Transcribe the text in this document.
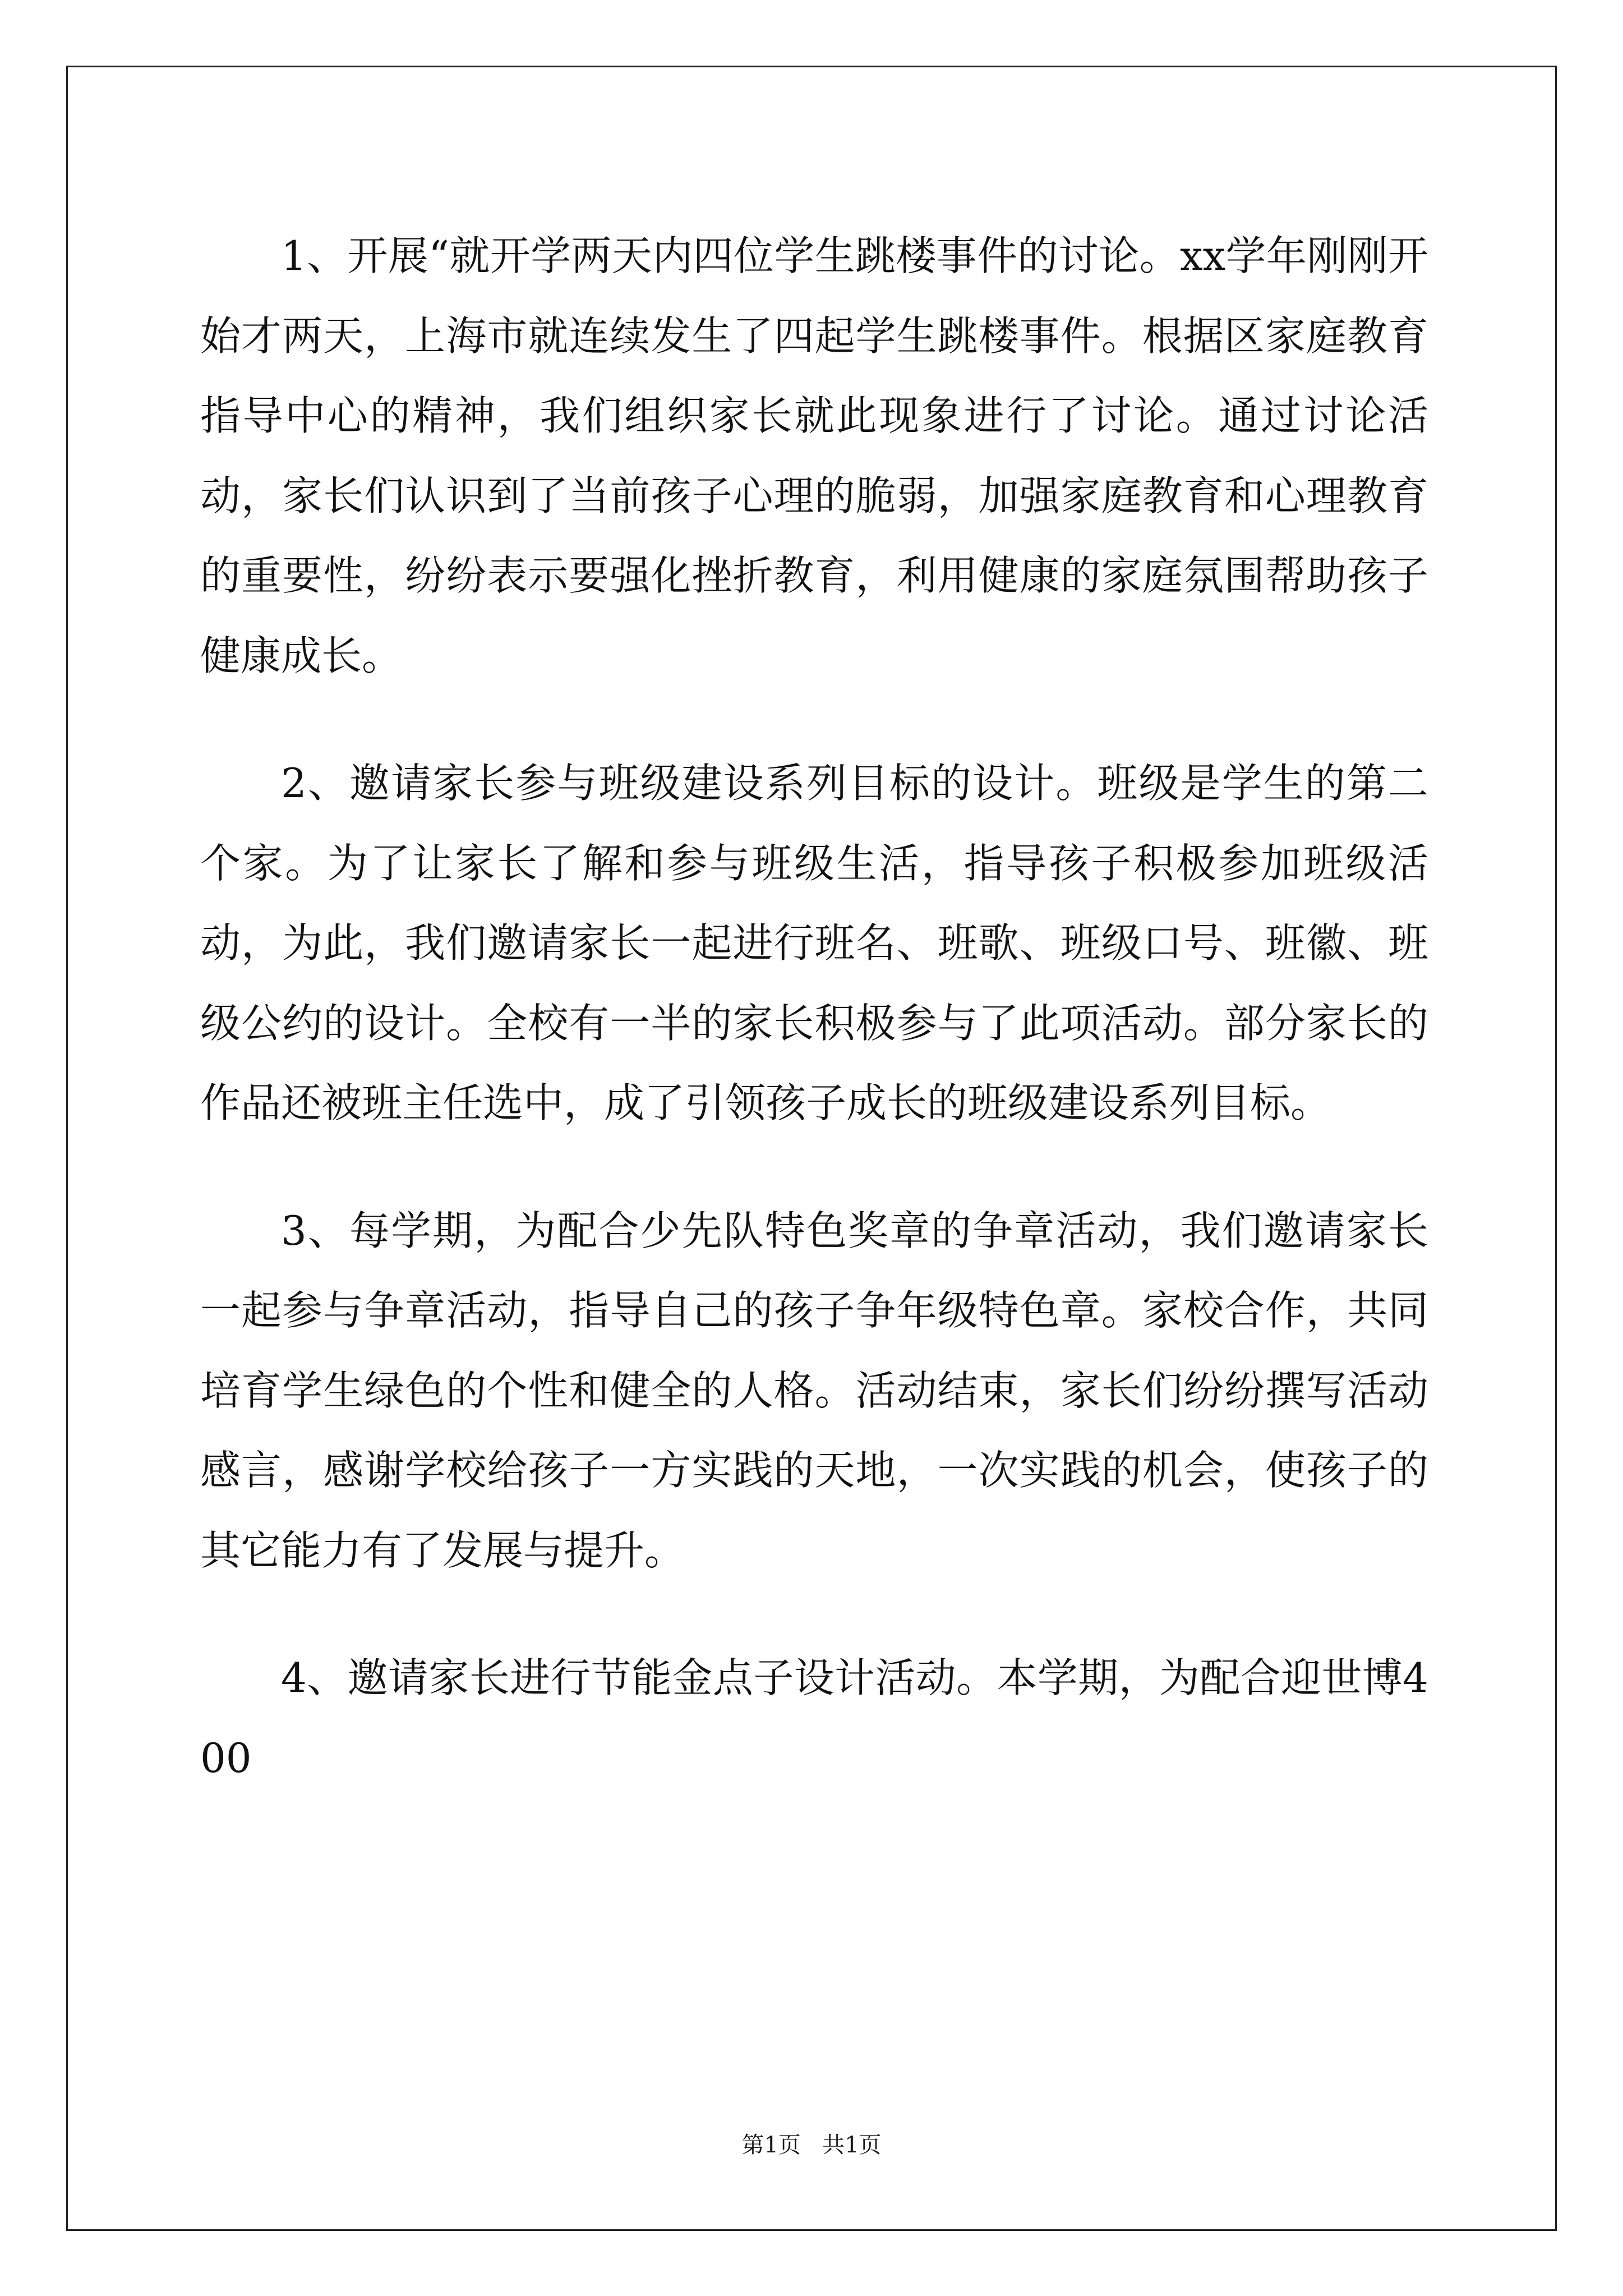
1、开展“就开学两天内四位学生跳楼事件的讨论。xx学年刚刚开始才两天，上海市就连续发生了四起学生跳楼事件。根据区家庭教育指导中心的精神，我们组织家长就此现象进行了讨论。通过讨论活动，家长们认识到了当前孩子心理的脆弱，加强家庭教育和心理教育的重要性，纷纷表示要强化挫折教育，利用健康的家庭氛围帮助孩子健康成长。

2、邀请家长参与班级建设系列目标的设计。班级是学生的第二个家。为了让家长了解和参与班级生活，指导孩子积极参加班级活动，为此，我们邀请家长一起进行班名、班歌、班级口号、班徽、班级公约的设计。全校有一半的家长积极参与了此项活动。部分家长的作品还被班主任选中，成了引领孩子成长的班级建设系列目标。

3、每学期，为配合少先队特色奖章的争章活动，我们邀请家长一起参与争章活动，指导自己的孩子争年级特色章。家校合作，共同培育学生绿色的个性和健全的人格。活动结束，家长们纷纷撰写活动感言，感谢学校给孩子一方实践的天地，一次实践的机会，使孩子的其它能力有了发展与提升。

4、邀请家长进行节能金点子设计活动。本学期，为配合迎世博400

第1页 共1页
